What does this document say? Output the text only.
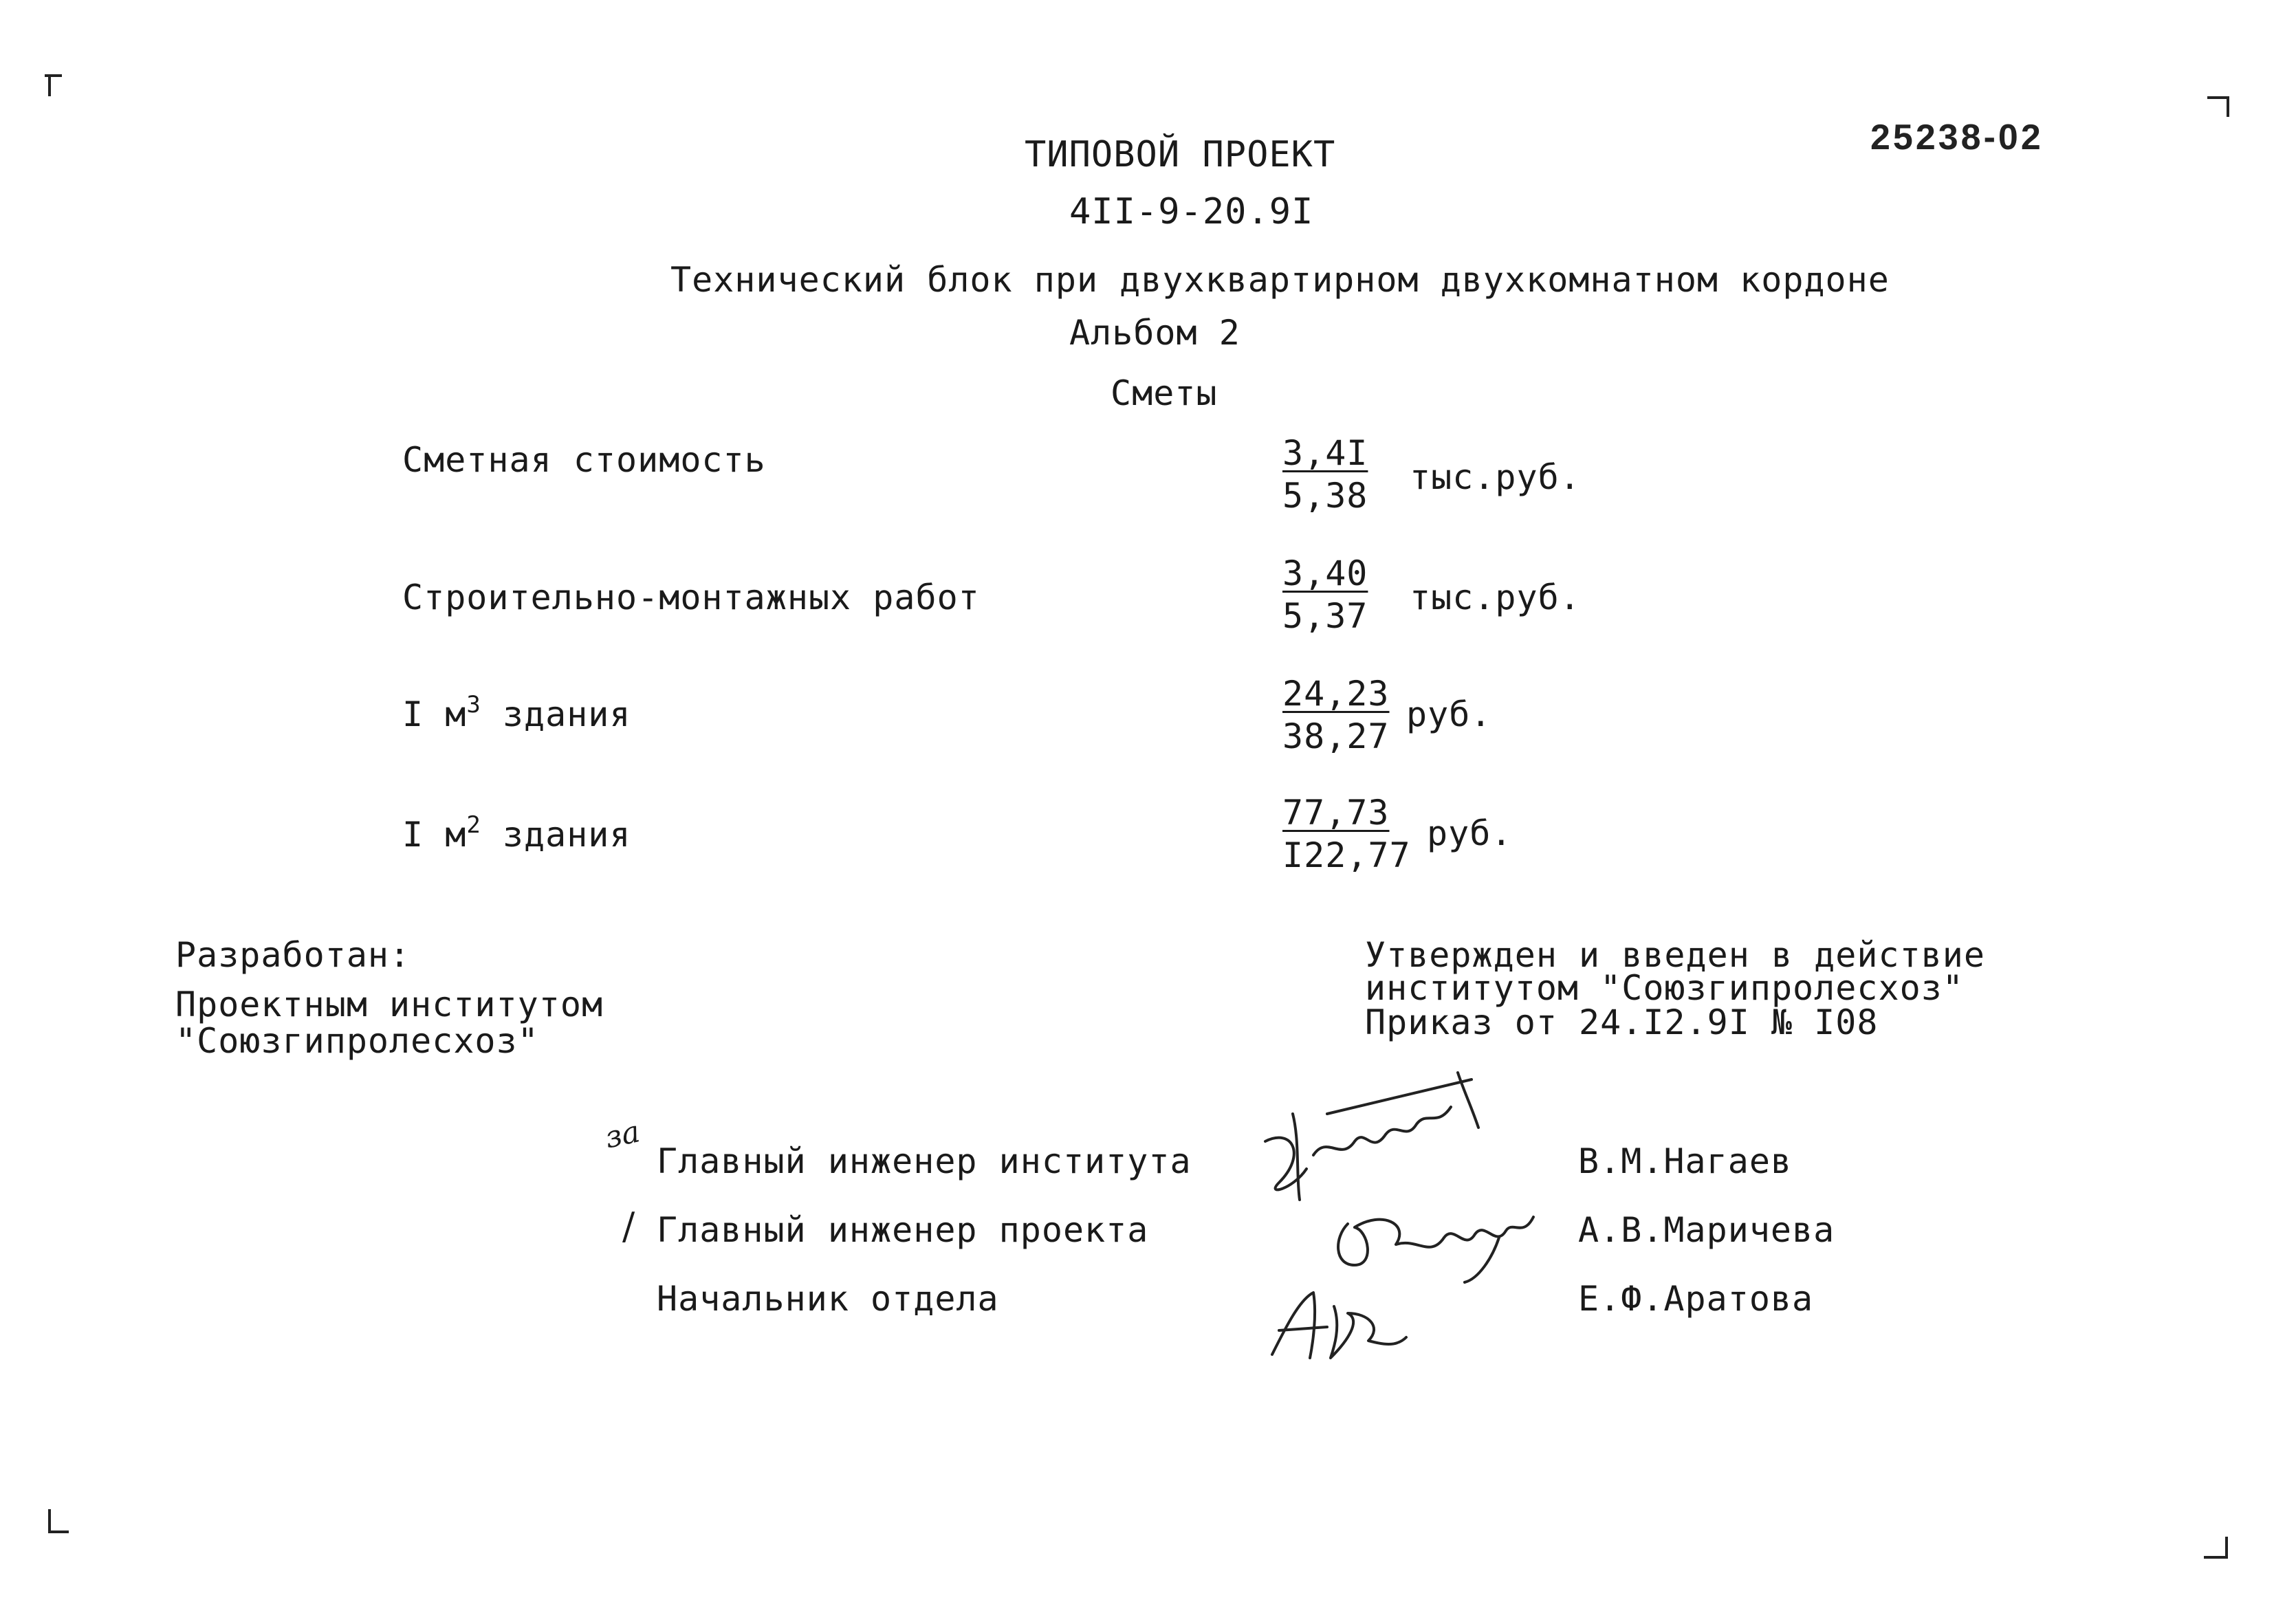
25238-02
ТИПОВОЙ ПРОЕКТ
4II-9-20.9I
Технический блок при двухквартирном двухкомнатном кордоне
Альбом 2
Сметы
Сметная стоимость	$\frac{3,4I}{5,38} тыс.руб$.
Строительно-монтажных работ	$\frac{3,40}{5,37} тыс.руб$.
I $м^3$ здания	$\frac{24,23}{38,27}$ руб.
I $м^2$ здания	$\frac{77,73}{I22,77}$ руб.
Разработан:
Проектным институтом
"Союзгипролесхоз"
Утвержден и введен в действие
институтом "Союзгипролесхоз"
Приказ от 24.I2.9I № I08
за
Главный инженер института	В.М.Нагаев
/ Главный инженер проекта	А.В.Маричева
Начальник отдела	Е.Ф.Аратова
